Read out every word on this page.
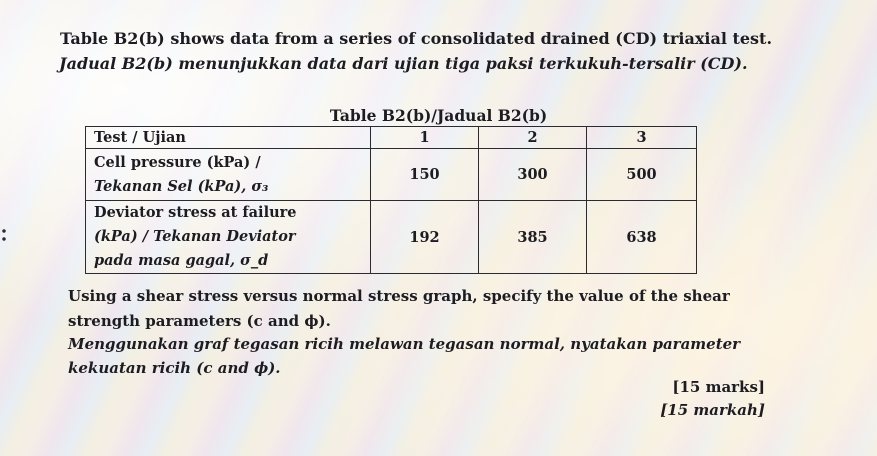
Table B2(b) shows data from a series of consolidated drained (CD) triaxial test.
Jadual B2(b) menunjukkan data dari ujian tiga paksi terkukuh-tersalir (CD).
Table B2(b)/Jadual B2(b)
Test / Ujian	1	2	3

Cell pressure (kPa) /
Tekanan Sel (kPa), σ₃	150	300	500

Deviator stress at failure
(kPa) / Tekanan Deviator
pada masa gagal, σ_d	192	385	638
Using a shear stress versus normal stress graph, specify the value of the shear
strength parameters (c and ϕ).
Menggunakan graf tegasan ricih melawan tegasan normal, nyatakan parameter
kekuatan ricih (c and ϕ).
[15 marks]
[15 markah]
